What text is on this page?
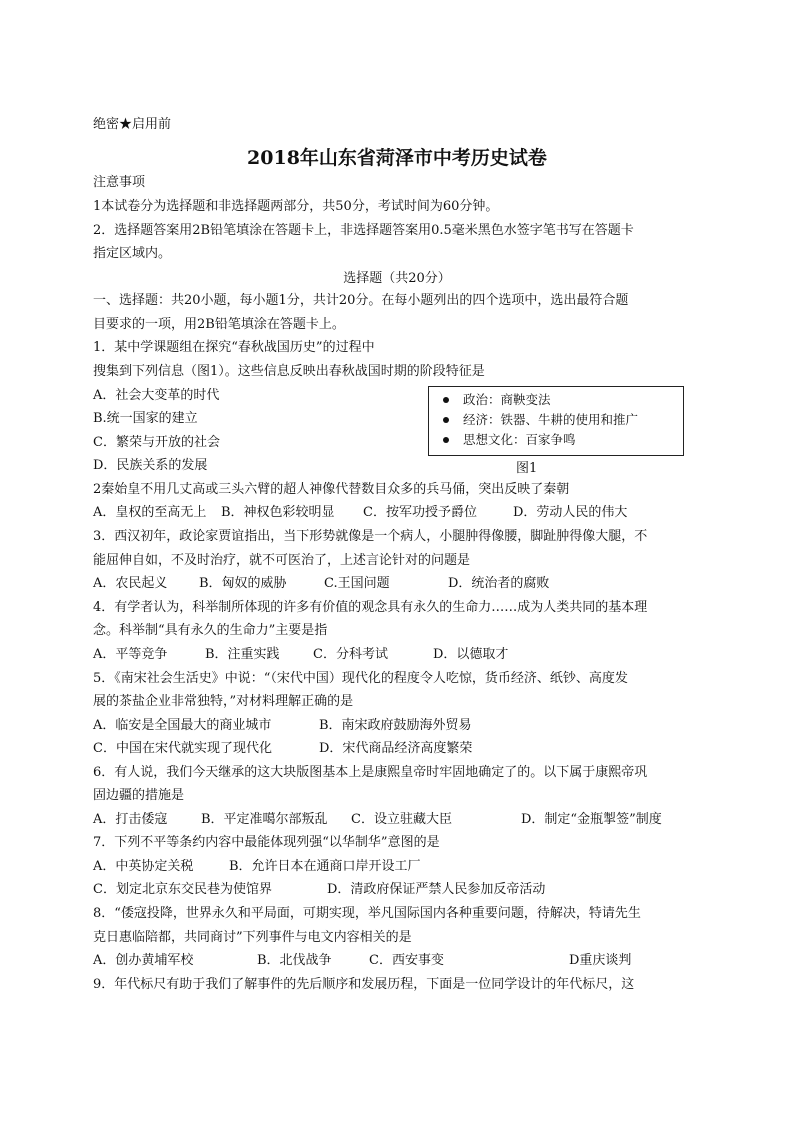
绝密★启用前
2018年山东省菏泽市中考历史试卷
注意事项
1本试卷分为选择题和非选择题两部分，共50分，考试时间为60分钟。
2．选择题答案用2B铅笔填涂在答题卡上，非选择题答案用0.5毫米黑色水签字笔书写在答题卡
指定区域内。
选择题（共20分）
一、选择题：共20小题，每小题1分，共计20分。在每小题列出的四个选项中，选出最符合题
目要求的一项，用2B铅笔填涂在答题卡上。
1．某中学课题组在探究“春秋战国历史”的过程中
搜集到下列信息（图1）。这些信息反映出春秋战国时期的阶段特征是
A．社会大变革的时代
B.统一国家的建立
C．繁荣与开放的社会
D．民族关系的发展
政治：商鞅变法
经济：铁器、牛耕的使用和推广
思想文化：百家争鸣
图1
2秦始皇不用几丈高或三头六臂的超人神像代替数目众多的兵马俑，突出反映了秦朝
A．皇权的至高无上 B．神权色彩较明显 C．按军功授予爵位	D．劳动人民的伟大
3．西汉初年，政论家贾谊指出，当下形势就像是一个病人，小腿肿得像腰，脚趾肿得像大腿，不
能屈伸自如，不及时治疗，就不可医治了，上述言论针对的问题是
A．农民起义 B．匈奴的威胁	C.王国问题	D．统治者的腐败
4．有学者认为，科举制所体现的许多有价值的观念具有永久的生命力……成为人类共同的基本理
念。科举制“具有永久的生命力”主要是指
A．平等竞争	B．注重实践	C．分科考试	D．以德取才
5．《南宋社会生活史》中说：“（宋代中国）现代化的程度令人吃惊，货币经济、纸钞、高度发
展的茶盐企业非常独特，”对材料理解正确的是
A．临安是全国最大的商业城市	B．南宋政府鼓励海外贸易
C．中国在宋代就实现了现代化	D．宋代商品经济高度繁荣
6．有人说，我们今天继承的这大块版图基本上是康熙皇帝时牢固地确定了的。以下属于康熙帝巩
固边疆的措施是
A．打击倭寇	B．平定准噶尔部叛乱 C．设立驻藏大臣	D．制定“金瓶掣签”制度
7．下列不平等条约内容中最能体现列强“以华制华”意图的是
A．中英协定关税	B．允许日本在通商口岸开设工厂
C．划定北京东交民巷为使馆界	D．清政府保证严禁人民参加反帝活动
8．“倭寇投降，世界永久和平局面，可期实现，举凡国际国内各种重要问题，待解决，特请先生
克日惠临陪都，共同商讨”下列事件与电文内容相关的是
A．创办黄埔军校	B．北伐战争	C．西安事变	D重庆谈判
9．年代标尺有助于我们了解事件的先后顺序和发展历程，下面是一位同学设计的年代标尺，这
